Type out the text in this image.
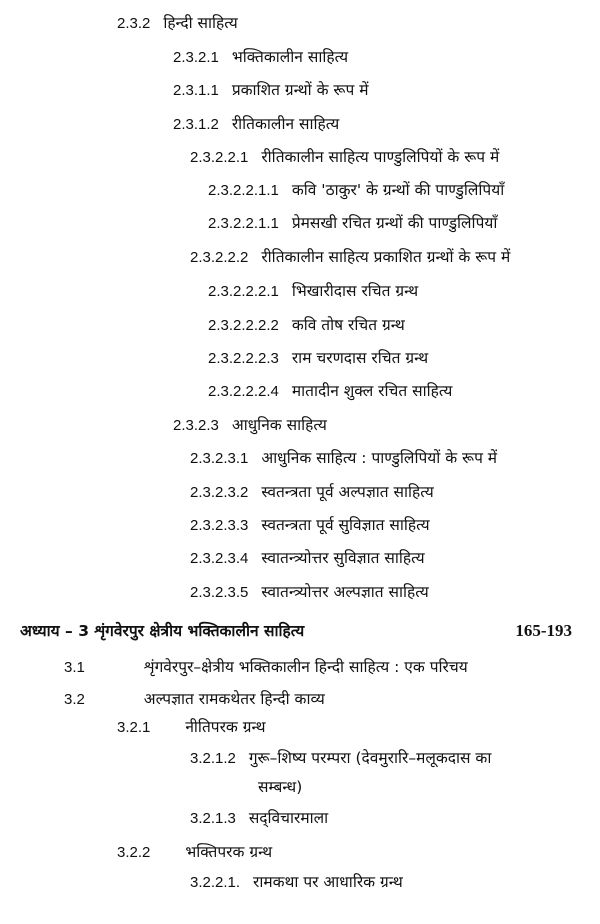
2.3.2 हिन्दी साहित्य
2.3.2.1 भक्तिकालीन साहित्य
2.3.1.1 प्रकाशित ग्रन्थों के रूप में
2.3.1.2 रीतिकालीन साहित्य
2.3.2.2.1 रीतिकालीन साहित्य पाण्डुलिपियों के रूप में
2.3.2.2.1.1 कवि 'ठाकुर' के ग्रन्थों की पाण्डुलिपियाँ
2.3.2.2.1.1 प्रेमसखी रचित ग्रन्थों की पाण्डुलिपियाँ
2.3.2.2.2 रीतिकालीन साहित्य प्रकाशित ग्रन्थों के रूप में
2.3.2.2.2.1 भिखारीदास रचित ग्रन्थ
2.3.2.2.2.2 कवि तोष रचित ग्रन्थ
2.3.2.2.2.3 राम चरणदास रचित ग्रन्थ
2.3.2.2.2.4 मातादीन शुक्ल रचित साहित्य
2.3.2.3 आधुनिक साहित्य
2.3.2.3.1 आधुनिक साहित्य : पाण्डुलिपियों के रूप में
2.3.2.3.2 स्वतन्त्रता पूर्व अल्पज्ञात साहित्य
2.3.2.3.3 स्वतन्त्रता पूर्व सुविज्ञात साहित्य
2.3.2.3.4 स्वातन्त्र्योत्तर सुविज्ञात साहित्य
2.3.2.3.5 स्वातन्त्र्योत्तर अल्पज्ञात साहित्य
अध्याय – 3 शृंगवेरपुर क्षेत्रीय भक्तिकालीन साहित्य	165-193
3.1	शृंगवेरपुर–क्षेत्रीय भक्तिकालीन हिन्दी साहित्य : एक परिचय
3.2	अल्पज्ञात रामकथेतर हिन्दी काव्य
3.2.1 नीतिपरक ग्रन्थ
3.2.1.2 गुरू–शिष्य परम्परा (देवमुरारि–मलूकदास का
सम्बन्ध)
3.2.1.3 सद्‌विचारमाला
3.2.2 भक्तिपरक ग्रन्थ
3.2.2.1. रामकथा पर आधारिक ग्रन्थ
